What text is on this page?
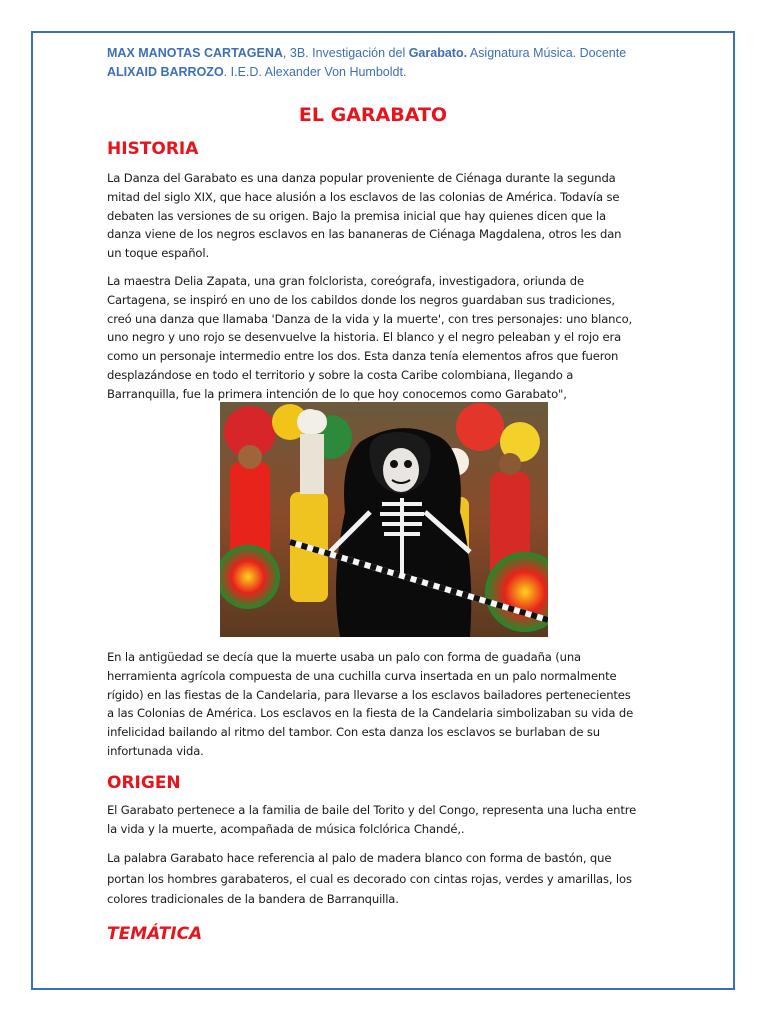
MAX MANOTAS CARTAGENA, 3B. Investigación del Garabato. Asignatura Música. Docente
ALIXAID BARROZO. I.E.D. Alexander Von Humboldt.

EL GARABATO
HISTORIA

La Danza del Garabato es una danza popular proveniente de Ciénaga durante la segunda mitad del siglo XIX, que hace alusión a los esclavos de las colonias de América. Todavía se debaten las versiones de su origen. Bajo la premisa inicial que hay quienes dicen que la danza viene de los negros esclavos en las bananeras de Ciénaga Magdalena, otros les dan un toque español.

La maestra Delia Zapata, una gran folclorista, coreógrafa, investigadora, oriunda de Cartagena, se inspiró en uno de los cabildos donde los negros guardaban sus tradiciones, creó una danza que llamaba 'Danza de la vida y la muerte', con tres personajes: uno blanco, uno negro y uno rojo se desenvuelve la historia. El blanco y el negro peleaban y el rojo era como un personaje intermedio entre los dos. Esta danza tenía elementos afros que fueron desplazándose en todo el territorio y sobre la costa Caribe colombiana, llegando a Barranquilla, fue la primera intención de lo que hoy conocemos como Garabato",

En la antigüedad se decía que la muerte usaba un palo con forma de guadaña (una herramienta agrícola compuesta de una cuchilla curva insertada en un palo normalmente rígido) en las fiestas de la Candelaria, para llevarse a los esclavos bailadores pertenecientes a las Colonias de América. Los esclavos en la fiesta de la Candelaria simbolizaban su vida de infelicidad bailando al ritmo del tambor. Con esta danza los esclavos se burlaban de su infortunada vida.

ORIGEN

El Garabato pertenece a la familia de baile del Torito y del Congo, representa una lucha entre la vida y la muerte, acompañada de música folclórica Chandé,.

La palabra Garabato hace referencia al palo de madera blanco con forma de bastón, que portan los hombres garabateros, el cual es decorado con cintas rojas, verdes y amarillas, los colores tradicionales de la bandera de Barranquilla.

TEMÁTICA
